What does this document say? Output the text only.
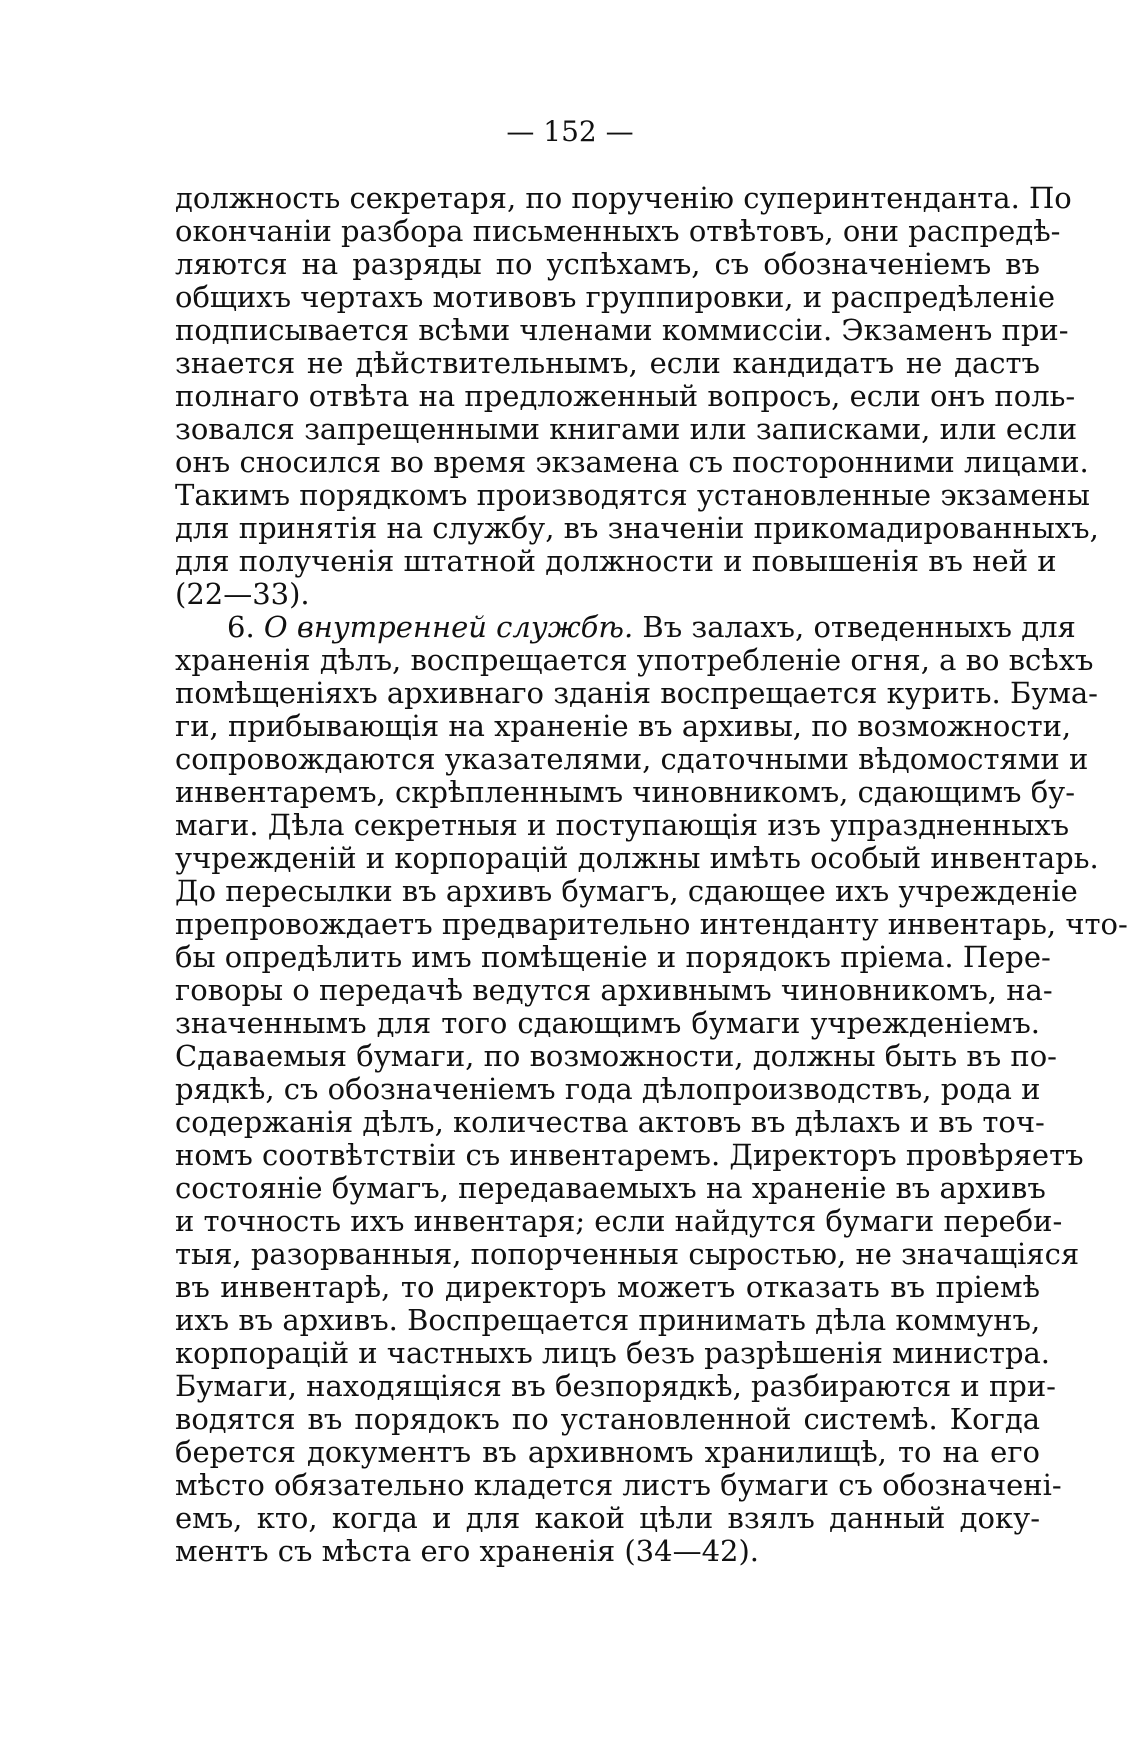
— 152 —
должность секретаря, по порученію суперинтенданта. По
окончаніи разбора письменныхъ отвѣтовъ, они распредѣ-
ляются на разряды по успѣхамъ, съ обозначеніемъ въ
общихъ чертахъ мотивовъ группировки, и распредѣленіе
подписывается всѣми членами коммиссіи. Экзаменъ при-
знается не дѣйствительнымъ, если кандидатъ не дастъ
полнаго отвѣта на предложенный вопросъ, если онъ поль-
зовался запрещенными книгами или записками, или если
онъ сносился во время экзамена съ посторонними лицами.
Такимъ порядкомъ производятся установленные экзамены
для принятія на службу, въ значеніи прикомадированныхъ,
для полученія штатной должности и повышенія въ ней и
(22—33).
6. О внутренней службѣ. Въ залахъ, отведенныхъ для
храненія дѣлъ, воспрещается употребленіе огня, а во всѣхъ
помѣщеніяхъ архивнаго зданія воспрещается курить. Бума-
ги, прибывающія на храненіе въ архивы, по возможности,
сопровождаются указателями, сдаточными вѣдомостями и
инвентаремъ, скрѣпленнымъ чиновникомъ, сдающимъ бу-
маги. Дѣла секретныя и поступающія изъ упраздненныхъ
учрежденій и корпорацій должны имѣть особый инвентарь.
До пересылки въ архивъ бумагъ, сдающее ихъ учрежденіе
препровождаетъ предварительно интенданту инвентарь, что-
бы опредѣлить имъ помѣщеніе и порядокъ пріема. Пере-
говоры о передачѣ ведутся архивнымъ чиновникомъ, на-
значеннымъ для того сдающимъ бумаги учрежденіемъ.
Сдаваемыя бумаги, по возможности, должны быть въ по-
рядкѣ, съ обозначеніемъ года дѣлопроизводствъ, рода и
содержанія дѣлъ, количества актовъ въ дѣлахъ и въ точ-
номъ соотвѣтствіи съ инвентаремъ. Директоръ провѣряетъ
состояніе бумагъ, передаваемыхъ на храненіе въ архивъ
и точность ихъ инвентаря; если найдутся бумаги переби-
тыя, разорванныя, попорченныя сыростью, не значащіяся
въ инвентарѣ, то директоръ можетъ отказать въ пріемѣ
ихъ въ архивъ. Воспрещается принимать дѣла коммунъ,
корпорацій и частныхъ лицъ безъ разрѣшенія министра.
Бумаги, находящіяся въ безпорядкѣ, разбираются и при-
водятся въ порядокъ по установленной системѣ. Когда
берется документъ въ архивномъ хранилищѣ, то на его
мѣсто обязательно кладется листъ бумаги съ обозначені-
емъ, кто, когда и для какой цѣли взялъ данный доку-
ментъ съ мѣста его храненія (34—42).
